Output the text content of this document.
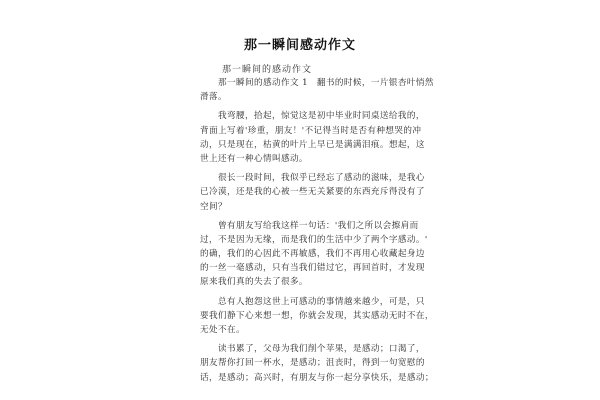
那一瞬间感动作文
那一瞬间的感动作文
　　那一瞬间的感动作文 1　翻书的时候，一片银杏叶悄然
滑落。
　　我弯腰，拾起，惊觉这是初中毕业时同桌送给我的，
背面上写着'珍重，朋友！'不记得当时是否有种想哭的冲
动，只是现在，枯黄的叶片上早已是满满泪痕。想起，这
世上还有一种心情叫感动。
　　很长一段时间，我似乎已经忘了感动的滋味，是我心
已冷漠，还是我的心被一些无关紧要的东西充斥得没有了
空间？
　　曾有朋友写给我这样一句话：'我们之所以会擦肩而
过，不是因为无缘，而是我们的生活中少了两个字感动。'
的确，我们的心因此不再敏感，我们不再用心收藏起身边
的一丝一毫感动，只有当我们错过它，再回首时，才发现
原来我们真的失去了很多。
　　总有人抱怨这世上可感动的事情越来越少，可是，只
要我们静下心来想一想，你就会发现，其实感动无时不在，
无处不在。
　　读书累了，父母为我们削个苹果，是感动；口渴了，
朋友帮你打回一杯水，是感动；沮丧时，得到一句宽慰的
话，是感动；高兴时，有朋友与你一起分享快乐，是感动；
